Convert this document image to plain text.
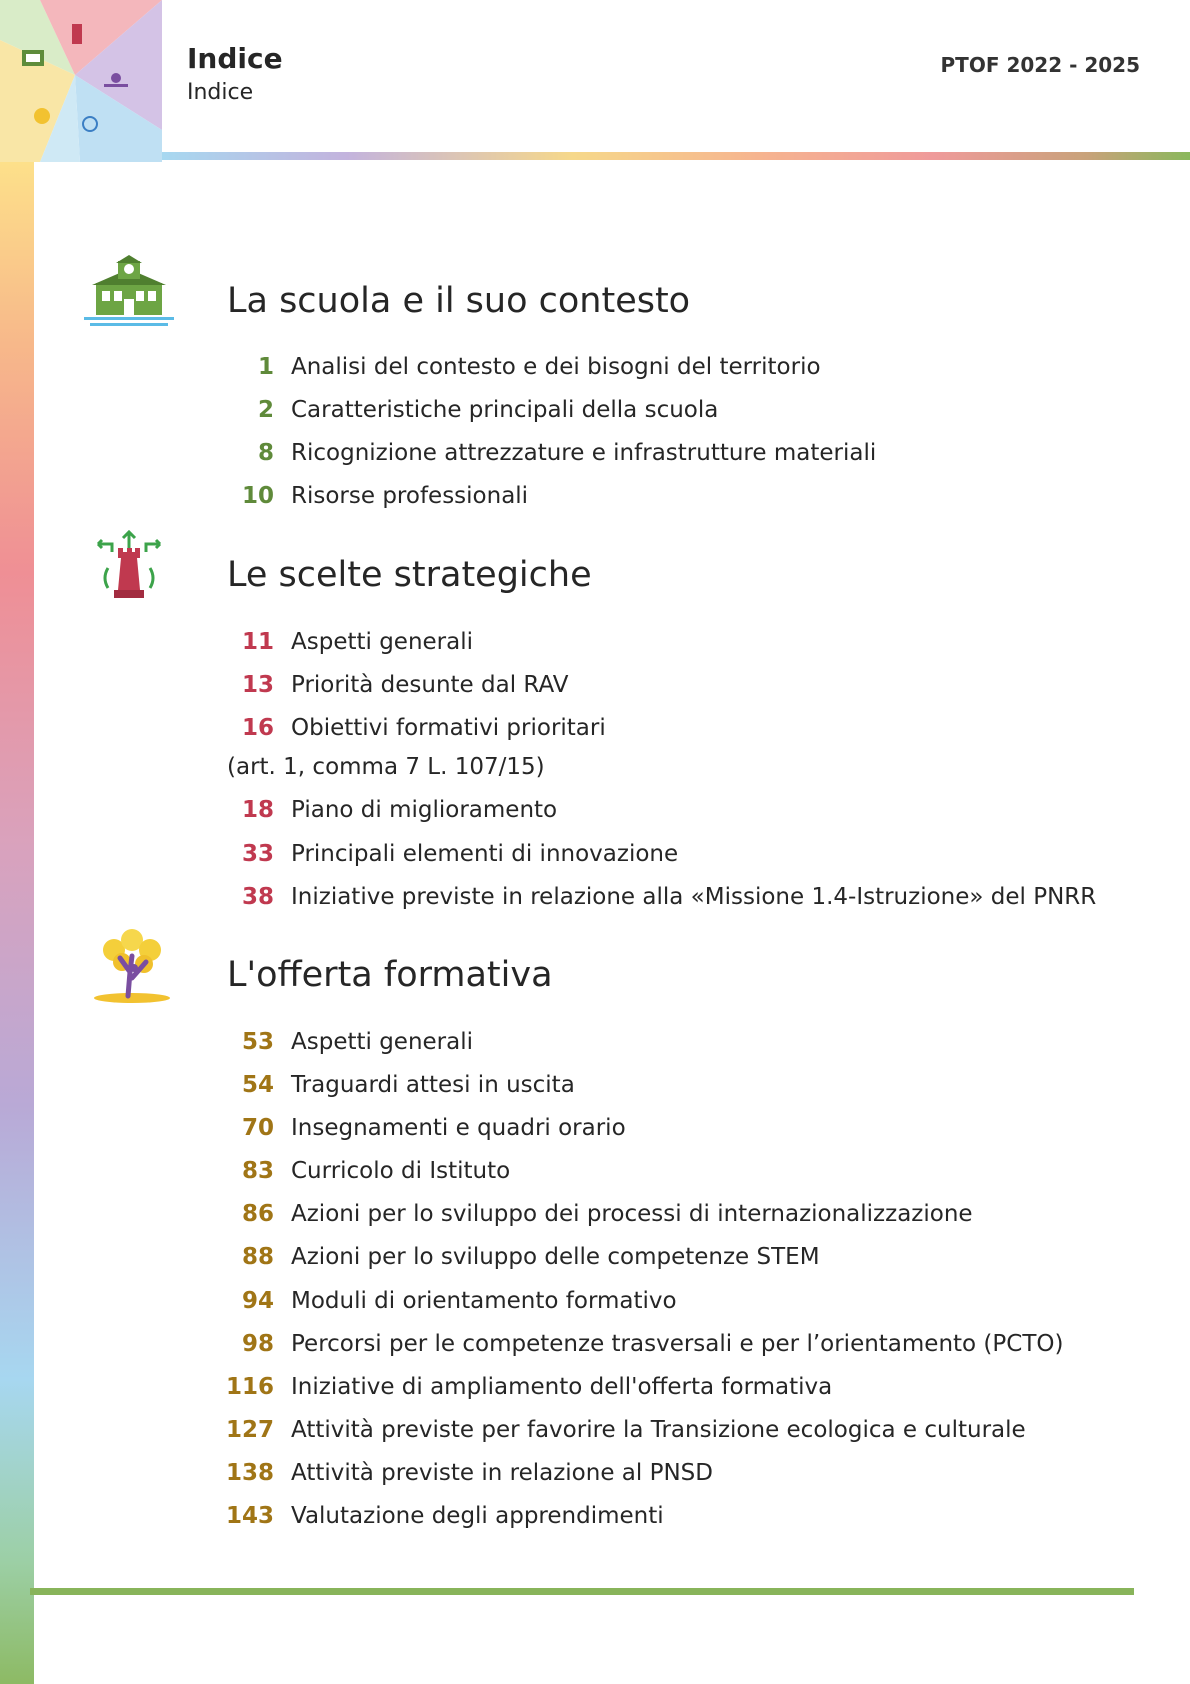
Indice
Indice
PTOF 2022 - 2025
La scuola e il suo contesto
1 Analisi del contesto e dei bisogni del territorio
2 Caratteristiche principali della scuola
8 Ricognizione attrezzature e infrastrutture materiali
10 Risorse professionali
Le scelte strategiche
11 Aspetti generali
13 Priorità desunte dal RAV
16 Obiettivi formativi prioritari
(art. 1, comma 7 L. 107/15)
18 Piano di miglioramento
33 Principali elementi di innovazione
38 Iniziative previste in relazione alla «Missione 1.4-Istruzione» del PNRR
L'offerta formativa
53 Aspetti generali
54 Traguardi attesi in uscita
70 Insegnamenti e quadri orario
83 Curricolo di Istituto
86 Azioni per lo sviluppo dei processi di internazionalizzazione
88 Azioni per lo sviluppo delle competenze STEM
94 Moduli di orientamento formativo
98 Percorsi per le competenze trasversali e per l’orientamento (PCTO)
116 Iniziative di ampliamento dell'offerta formativa
127 Attività previste per favorire la Transizione ecologica e culturale
138 Attività previste in relazione al PNSD
143 Valutazione degli apprendimenti
